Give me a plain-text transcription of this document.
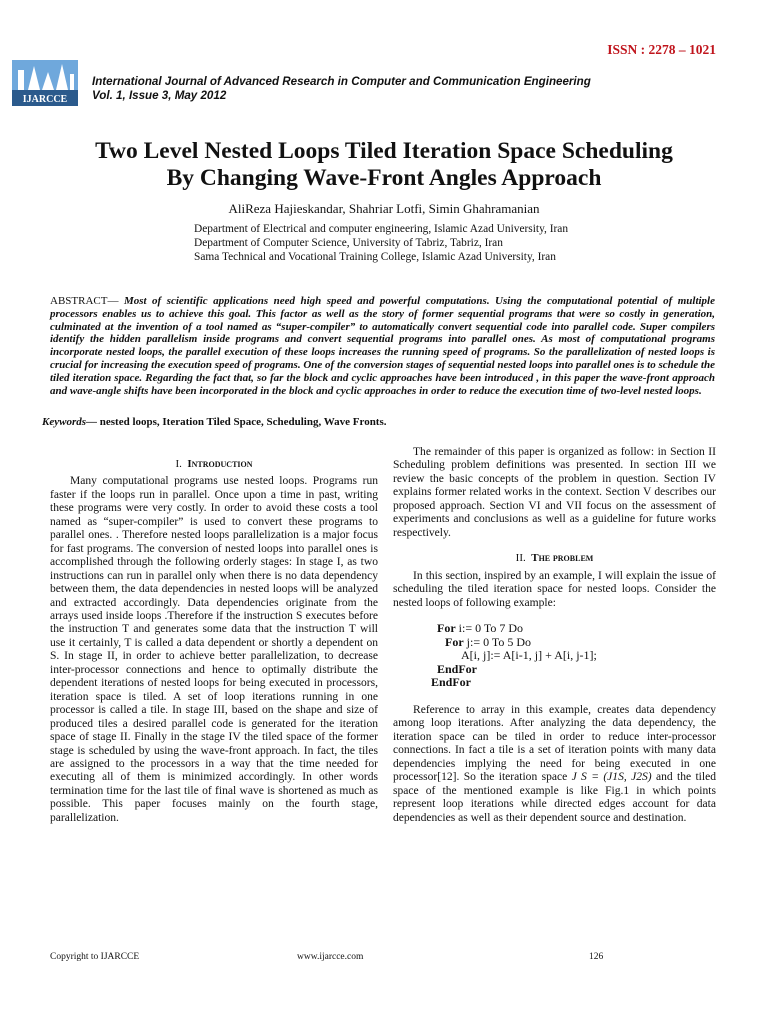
ISSN : 2278 – 1021
IJARCCE
International Journal of Advanced Research in Computer and Communication Engineering
Vol. 1, Issue 3, May 2012
Two Level Nested Loops Tiled Iteration Space Scheduling
By Changing Wave-Front Angles Approach
AliReza Hajieskandar, Shahriar Lotfi, Simin Ghahramanian
Department of Electrical and computer engineering, Islamic Azad University, Iran
Department of Computer Science, University of Tabriz, Tabriz, Iran
Sama Technical and Vocational Training College, Islamic Azad University, Iran
ABSTRACT— Most of scientific applications need high speed and powerful computations. Using the computational potential of multiple processors enables us to achieve this goal. This factor as well as the story of former sequential programs that were so costly in generation, culminated at the invention of a tool named as “super-compiler” to automatically convert sequential code into parallel code. Super compilers identify the hidden parallelism inside programs and convert sequential programs into parallel ones. As most of computational programs incorporate nested loops, the parallel execution of these loops increases the running speed of programs. So the parallelization of nested loops is crucial for increasing the execution speed of programs. One of the conversion stages of sequential nested loops into parallel ones is to schedule the tiled iteration space. Regarding the fact that, so far the block and cyclic approaches have been introduced , in this paper the wave-front approach and wave-angle shifts have been incorporated in the block and cyclic approaches in order to reduce the execution time of two-level nested loops.
Keywords— nested loops, Iteration Tiled Space, Scheduling, Wave Fronts.
I. Introduction

Many computational programs use nested loops. Programs run faster if the loops run in parallel. Once upon a time in past, writing these programs were very costly. In order to avoid these costs a tool named as “super-compiler” is used to convert these programs to parallel ones. . Therefore nested loops parallelization is a major focus for fast programs. The conversion of nested loops into parallel ones is accomplished through the following orderly stages: In stage I, as two instructions can run in parallel only when there is no data dependency between them, the data dependencies in nested loops will be analyzed and extracted accordingly. Data dependencies originate from the arrays used inside loops .Therefore if the instruction S executes before the instruction T and generates some data that the instruction T will use it certainly, T is called a data dependent or shortly a dependent on S. In stage II, in order to achieve better parallelization, to decrease inter-processor connections and hence to optimally distribute the dependent iterations of nested loops for being executed in processors, iteration space is tiled. A set of loop iterations running in one processor is called a tile. In stage III, based on the shape and size of produced tiles a desired parallel code is generated for the iteration space of stage II. Finally in the stage IV the tiled space of the former stage is scheduled by using the wave-front approach. In fact, the tiles are assigned to the processors in a way that the time needed for executing all of them is minimized accordingly. In other words termination time for the last tile of final wave is shortened as much as possible. This paper focuses mainly on the fourth stage, parallelization.

The remainder of this paper is organized as follow: in Section II Scheduling problem definitions was presented. In section III we review the basic concepts of the problem in question. Section IV explains former related works in the context. Section V describes our proposed approach. Section VI and VII focus on the assessment of experiments and conclusions as well as a guideline for future works respectively.

II. The problem

In this section, inspired by an example, I will explain the issue of scheduling the tiled iteration space for nested loops. Consider the nested loops of following example:

For i:= 0 To 7 Do
For j:= 0 To 5 Do
A[i, j]:= A[i-1, j] + A[i, j-1];
EndFor
EndFor

Reference to array in this example, creates data dependency among loop iterations. After analyzing the data dependency, the iteration space can be tiled in order to reduce inter-processor connections. In fact a tile is a set of iteration points with many data dependencies implying the need for being executed in one processor[12]. So the iteration space J S = (J1S, J2S) and the tiled space of the mentioned example is like Fig.1 in which points represent loop iterations while directed edges account for data dependencies as well as their dependent source and destination.

Copyright to IJARCCE	www.ijarcce.com	126
